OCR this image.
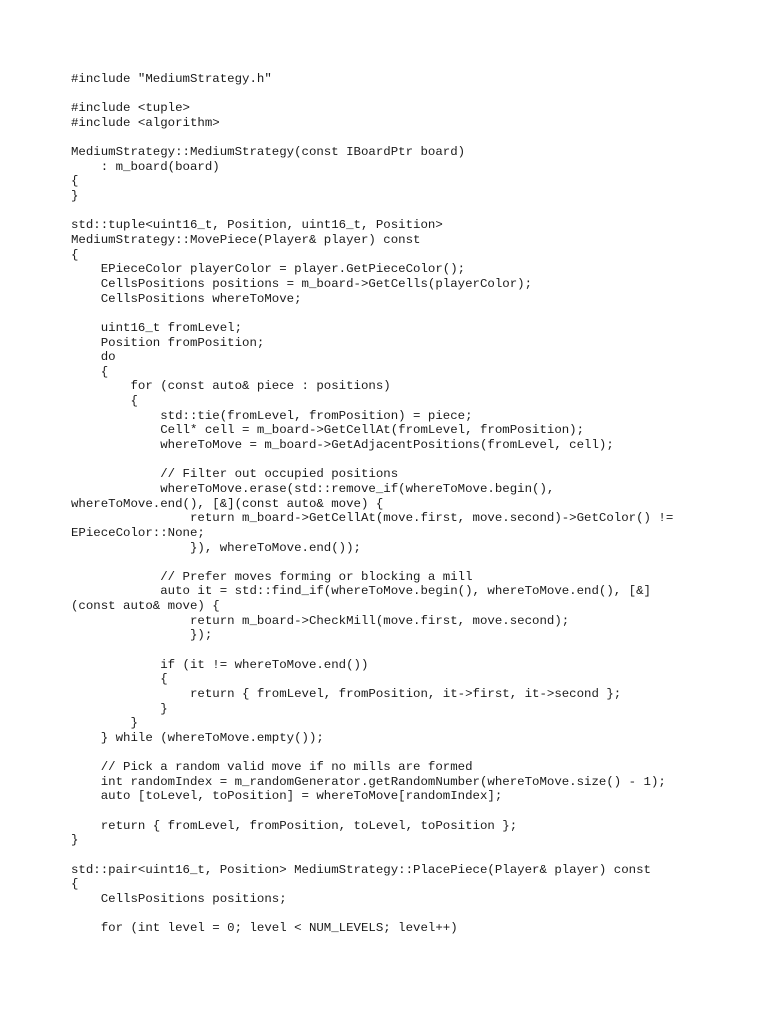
#include "MediumStrategy.h"
#include <tuple>
#include <algorithm>
MediumStrategy::MediumStrategy(const IBoardPtr board)
: m_board(board)
{
}
std::tuple<uint16_t, Position, uint16_t, Position>
MediumStrategy::MovePiece(Player& player) const
{
EPieceColor playerColor = player.GetPieceColor();
CellsPositions positions = m_board->GetCells(playerColor);
CellsPositions whereToMove;
uint16_t fromLevel;
Position fromPosition;
do
{
for (const auto& piece : positions)
{
std::tie(fromLevel, fromPosition) = piece;
Cell* cell = m_board->GetCellAt(fromLevel, fromPosition);
whereToMove = m_board->GetAdjacentPositions(fromLevel, cell);
// Filter out occupied positions
whereToMove.erase(std::remove_if(whereToMove.begin(),
whereToMove.end(), [&](const auto& move) {
return m_board->GetCellAt(move.first, move.second)->GetColor() !=
EPieceColor::None;
}), whereToMove.end());
// Prefer moves forming or blocking a mill
auto it = std::find_if(whereToMove.begin(), whereToMove.end(), [&]
(const auto& move) {
return m_board->CheckMill(move.first, move.second);
});
if (it != whereToMove.end())
{
return { fromLevel, fromPosition, it->first, it->second };
}
}
} while (whereToMove.empty());
// Pick a random valid move if no mills are formed
int randomIndex = m_randomGenerator.getRandomNumber(whereToMove.size() - 1);
auto [toLevel, toPosition] = whereToMove[randomIndex];
return { fromLevel, fromPosition, toLevel, toPosition };
}
std::pair<uint16_t, Position> MediumStrategy::PlacePiece(Player& player) const
{
CellsPositions positions;
for (int level = 0; level < NUM_LEVELS; level++)
